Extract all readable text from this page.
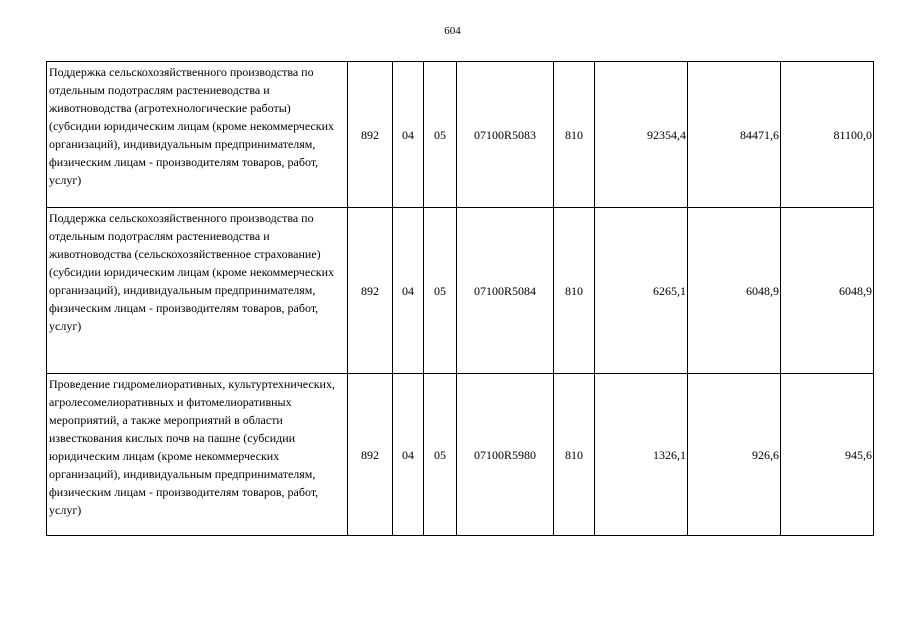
604
Поддержка сельскохозяйственного производства по отдельным подотраслям растениеводства и животноводства (агротехнологические работы) (субсидии юридическим лицам (кроме некоммерческих организаций), индивидуальным предпринимателям, физическим лицам - производителям товаров, работ, услуг)	892	04	05	07100R5083	810	92354,4	84471,6	81100,0
Поддержка сельскохозяйственного производства по отдельным подотраслям растениеводства и животноводства (сельскохозяйственное страхование) (субсидии юридическим лицам (кроме некоммерческих организаций), индивидуальным предпринимателям, физическим лицам - производителям товаров, работ, услуг)	892	04	05	07100R5084	810	6265,1	6048,9	6048,9
Проведение гидромелиоративных, культуртехнических, агролесомелиоративных и фитомелиоративных мероприятий, а также мероприятий в области известкования кислых почв на пашне (субсидии юридическим лицам (кроме некоммерческих организаций), индивидуальным предпринимателям, физическим лицам - производителям товаров, работ, услуг)	892	04	05	07100R5980	810	1326,1	926,6	945,6
